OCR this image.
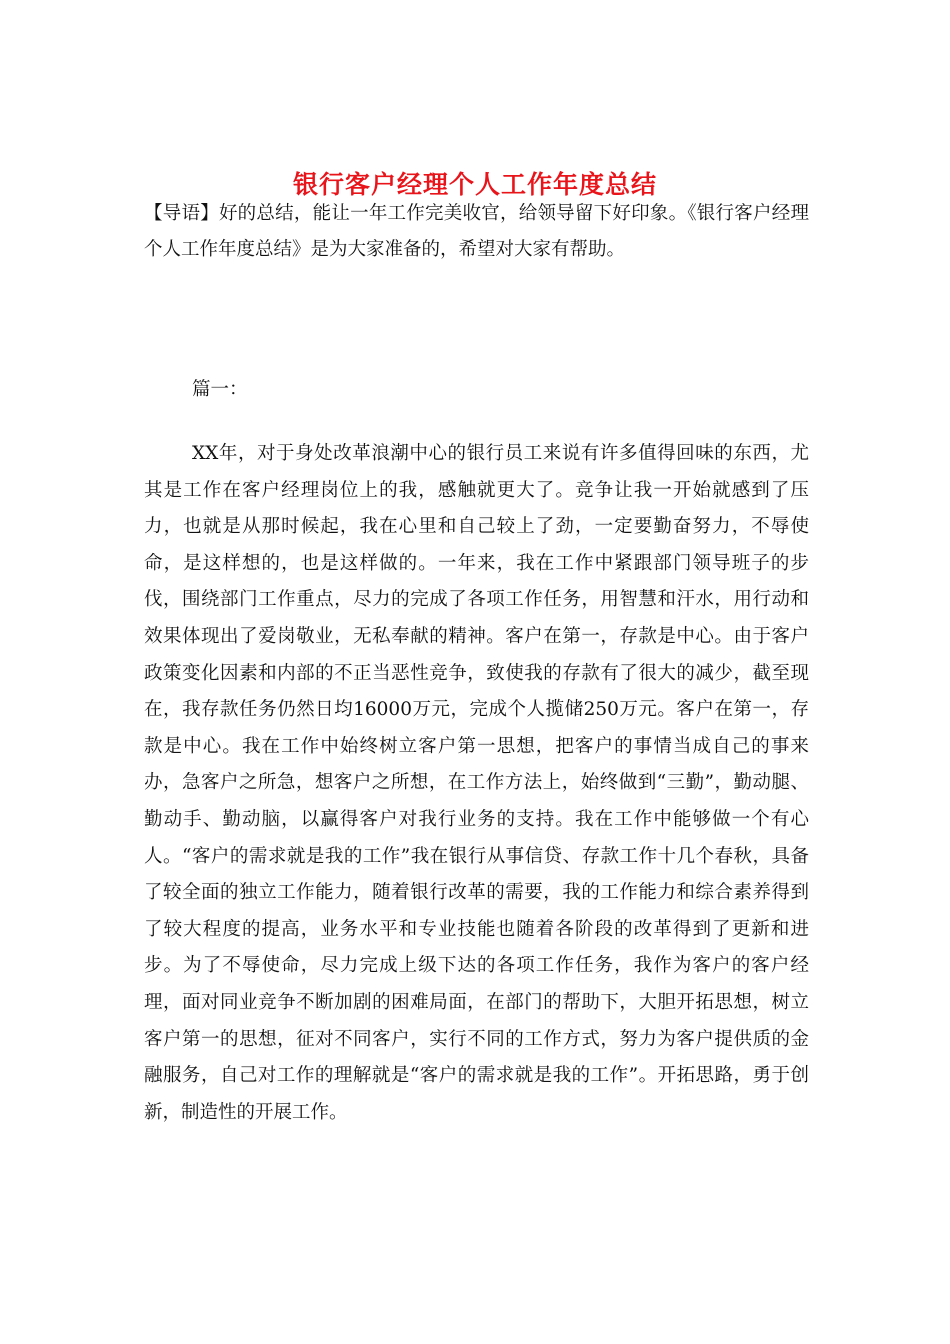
银行客户经理个人工作年度总结

【导语】好的总结，能让一年工作完美收官，给领导留下好印象。《银行客户经理个人工作年度总结》是为大家准备的，希望对大家有帮助。

篇一：

XX年，对于身处改革浪潮中心的银行员工来说有许多值得回味的东西，尤其是工作在客户经理岗位上的我，感触就更大了。竞争让我一开始就感到了压力，也就是从那时候起，我在心里和自己较上了劲，一定要勤奋努力，不辱使命，是这样想的，也是这样做的。一年来，我在工作中紧跟部门领导班子的步伐，围绕部门工作重点，尽力的完成了各项工作任务，用智慧和汗水，用行动和效果体现出了爱岗敬业，无私奉献的精神。客户在第一，存款是中心。由于客户政策变化因素和内部的不正当恶性竞争，致使我的存款有了很大的减少，截至现在，我存款任务仍然日均16000万元，完成个人揽储250万元。客户在第一，存款是中心。我在工作中始终树立客户第一思想，把客户的事情当成自己的事来办，急客户之所急，想客户之所想，在工作方法上，始终做到“三勤”，勤动腿、勤动手、勤动脑，以赢得客户对我行业务的支持。我在工作中能够做一个有心人。“客户的需求就是我的工作”我在银行从事信贷、存款工作十几个春秋，具备了较全面的独立工作能力，随着银行改革的需要，我的工作能力和综合素养得到了较大程度的提高，业务水平和专业技能也随着各阶段的改革得到了更新和进步。为了不辱使命，尽力完成上级下达的各项工作任务，我作为客户的客户经理，面对同业竞争不断加剧的困难局面，在部门的帮助下，大胆开拓思想，树立客户第一的思想，征对不同客户，实行不同的工作方式，努力为客户提供质的金融服务，自己对工作的理解就是“客户的需求就是我的工作”。开拓思路，勇于创新，制造性的开展工作。
